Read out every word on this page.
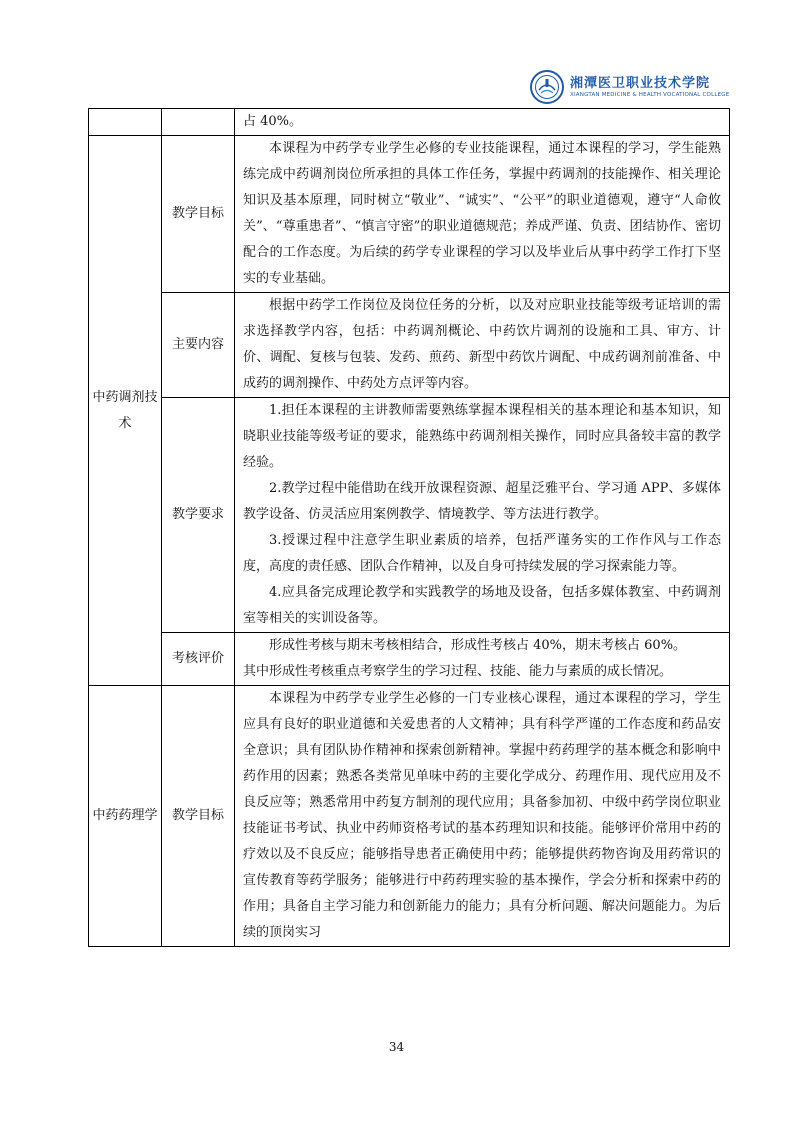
湘潭医卫职业技术学院
XIANGTAN MEDICINE & HEALTH VOCATIONAL COLLEGE

		占 40%。

中药调剂技术	教学目标	本课程为中药学专业学生必修的专业技能课程，通过本课程的学习，学生能熟练完成中药调剂岗位所承担的具体工作任务，掌握中药调剂的技能操作、相关理论知识及基本原理，同时树立“敬业”、“诚实”、“公平”的职业道德观，遵守“人命攸关”、“尊重患者”、“慎言守密”的职业道德规范；养成严谨、负责、团结协作、密切配合的工作态度。为后续的药学专业课程的学习以及毕业后从事中药学工作打下坚实的专业基础。

	主要内容	根据中药学工作岗位及岗位任务的分析，以及对应职业技能等级考证培训的需求选择教学内容，包括：中药调剂概论、中药饮片调剂的设施和工具、审方、计价、调配、复核与包装、发药、煎药、新型中药饮片调配、中成药调剂前准备、中成药的调剂操作、中药处方点评等内容。

	教学要求	1.担任本课程的主讲教师需要熟练掌握本课程相关的基本理论和基本知识，知晓职业技能等级考证的要求，能熟练中药调剂相关操作，同时应具备较丰富的教学经验。

2.教学过程中能借助在线开放课程资源、超星泛雅平台、学习通 APP、多媒体教学设备、仿灵活应用案例教学、情境教学、等方法进行教学。

3.授课过程中注意学生职业素质的培养，包括严谨务实的工作作风与工作态度，高度的责任感、团队合作精神，以及自身可持续发展的学习探索能力等。

4.应具备完成理论教学和实践教学的场地及设备，包括多媒体教室、中药调剂室等相关的实训设备等。

	考核评价	形成性考核与期末考核相结合，形成性考核占 40%，期末考核占 60%。

其中形成性考核重点考察学生的学习过程、技能、能力与素质的成长情况。

中药药理学	教学目标	本课程为中药学专业学生必修的一门专业核心课程，通过本课程的学习，学生应具有良好的职业道德和关爱患者的人文精神；具有科学严谨的工作态度和药品安全意识；具有团队协作精神和探索创新精神。掌握中药药理学的基本概念和影响中药作用的因素；熟悉各类常见单味中药的主要化学成分、药理作用、现代应用及不良反应等；熟悉常用中药复方制剂的现代应用；具备参加初、中级中药学岗位职业技能证书考试、执业中药师资格考试的基本药理知识和技能。能够评价常用中药的疗效以及不良反应；能够指导患者正确使用中药；能够提供药物咨询及用药常识的宣传教育等药学服务；能够进行中药药理实验的基本操作，学会分析和探索中药的作用；具备自主学习能力和创新能力的能力；具有分析问题、解决问题能力。为后续的顶岗实习

34
